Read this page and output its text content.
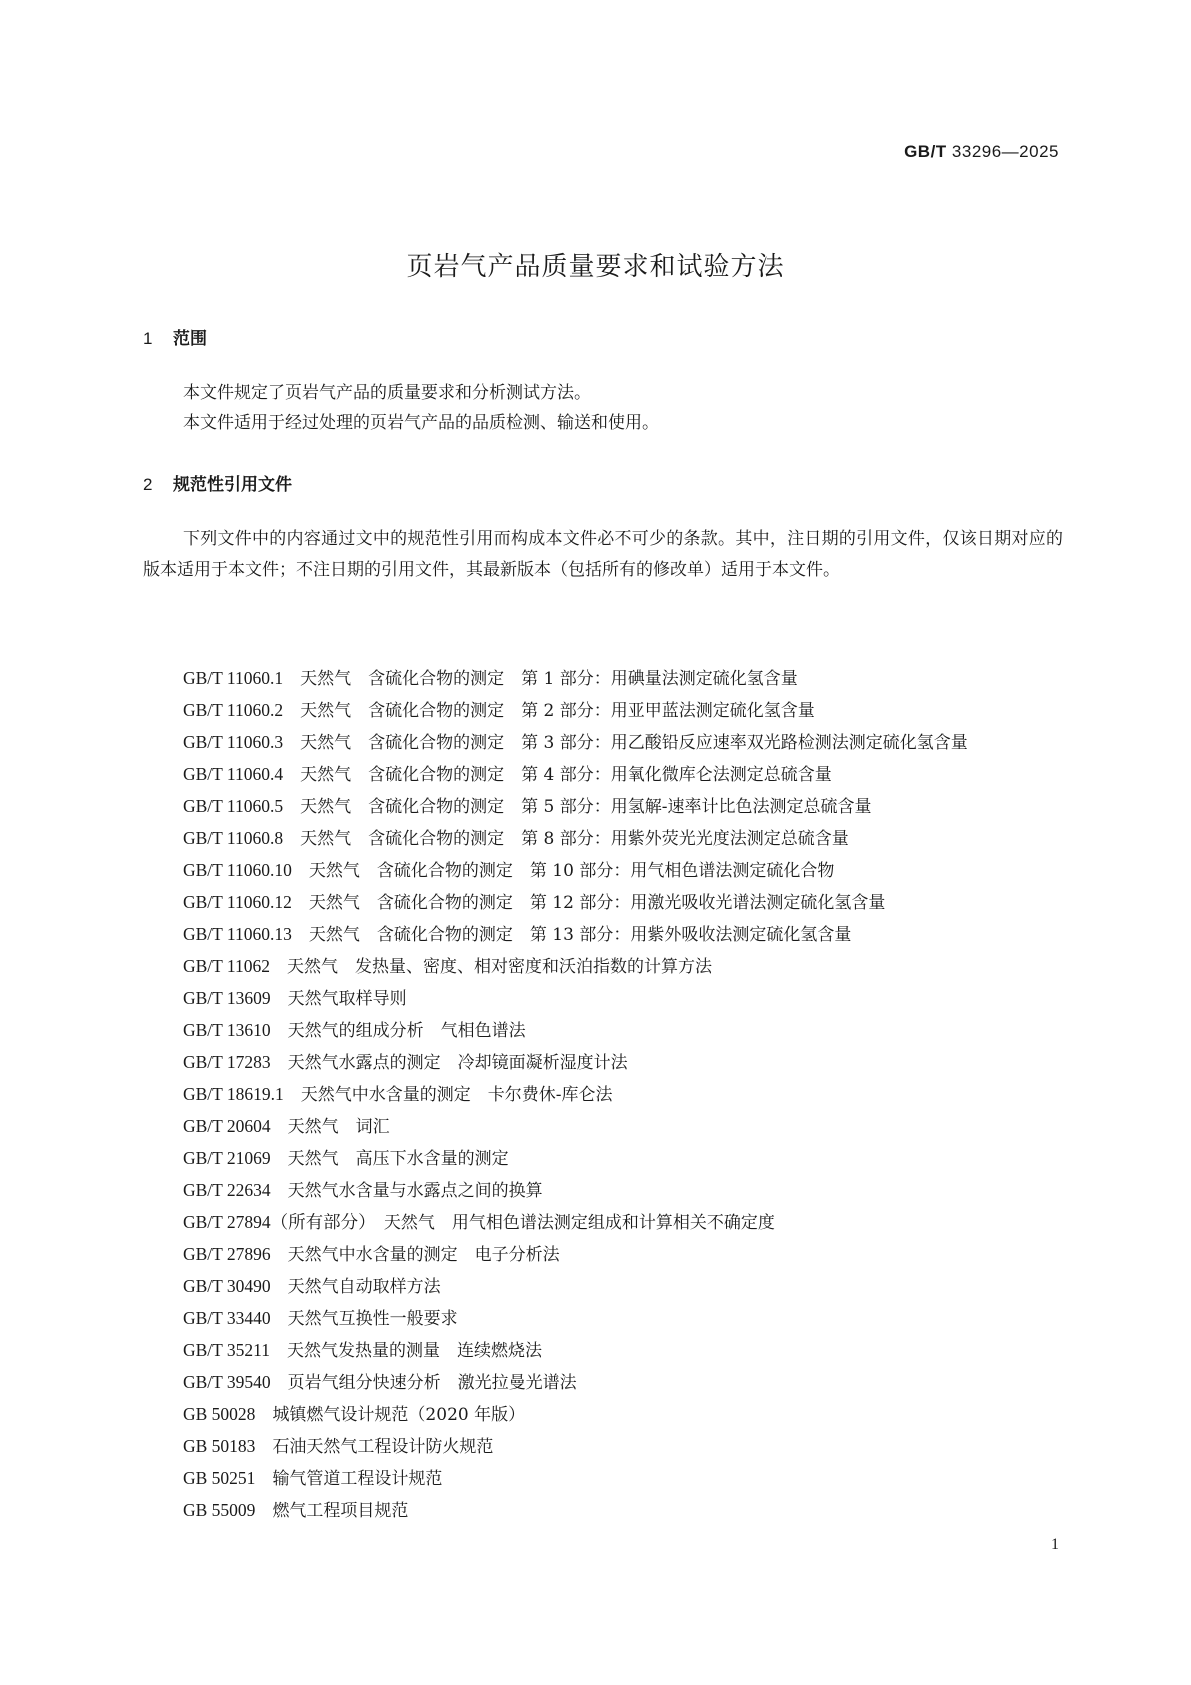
GB/T 33296—2025
页岩气产品质量要求和试验方法
1 范围

本文件规定了页岩气产品的质量要求和分析测试方法。

本文件适用于经过处理的页岩气产品的品质检测、输送和使用。

2 规范性引用文件

下列文件中的内容通过文中的规范性引用而构成本文件必不可少的条款。其中，注日期的引用文件，仅该日期对应的版本适用于本文件；不注日期的引用文件，其最新版本（包括所有的修改单）适用于本文件。

GB/T 11060.1　 天然气　含硫化合物的测定　第 1 部分：用碘量法测定硫化氢含量
GB/T 11060.2　 天然气　含硫化合物的测定　第 2 部分：用亚甲蓝法测定硫化氢含量
GB/T 11060.3　 天然气　含硫化合物的测定　第 3 部分：用乙酸铅反应速率双光路检测法测定硫化氢含量
GB/T 11060.4　 天然气　含硫化合物的测定　第 4 部分：用氧化微库仑法测定总硫含量
GB/T 11060.5　 天然气　含硫化合物的测定　第 5 部分：用氢解-速率计比色法测定总硫含量
GB/T 11060.8　 天然气　含硫化合物的测定　第 8 部分：用紫外荧光光度法测定总硫含量
GB/T 11060.10　 天然气　含硫化合物的测定　第 10 部分：用气相色谱法测定硫化合物
GB/T 11060.12　 天然气　含硫化合物的测定　第 12 部分：用激光吸收光谱法测定硫化氢含量
GB/T 11060.13　 天然气　含硫化合物的测定　第 13 部分：用紫外吸收法测定硫化氢含量
GB/T 11062　 天然气　发热量、密度、相对密度和沃泊指数的计算方法
GB/T 13609　 天然气取样导则
GB/T 13610　 天然气的组成分析　气相色谱法
GB/T 17283　 天然气水露点的测定　冷却镜面凝析湿度计法
GB/T 18619.1　 天然气中水含量的测定　卡尔费休-库仑法
GB/T 20604　 天然气　词汇
GB/T 21069　 天然气　高压下水含量的测定
GB/T 22634　 天然气水含量与水露点之间的换算
GB/T 27894（所有部分）　 天然气　用气相色谱法测定组成和计算相关不确定度
GB/T 27896　 天然气中水含量的测定　电子分析法
GB/T 30490　 天然气自动取样方法
GB/T 33440　 天然气互换性一般要求
GB/T 35211　 天然气发热量的测量　连续燃烧法
GB/T 39540　 页岩气组分快速分析　激光拉曼光谱法
GB 50028　 城镇燃气设计规范（2020 年版）
GB 50183　 石油天然气工程设计防火规范
GB 50251　 输气管道工程设计规范
GB 55009　 燃气工程项目规范
1
